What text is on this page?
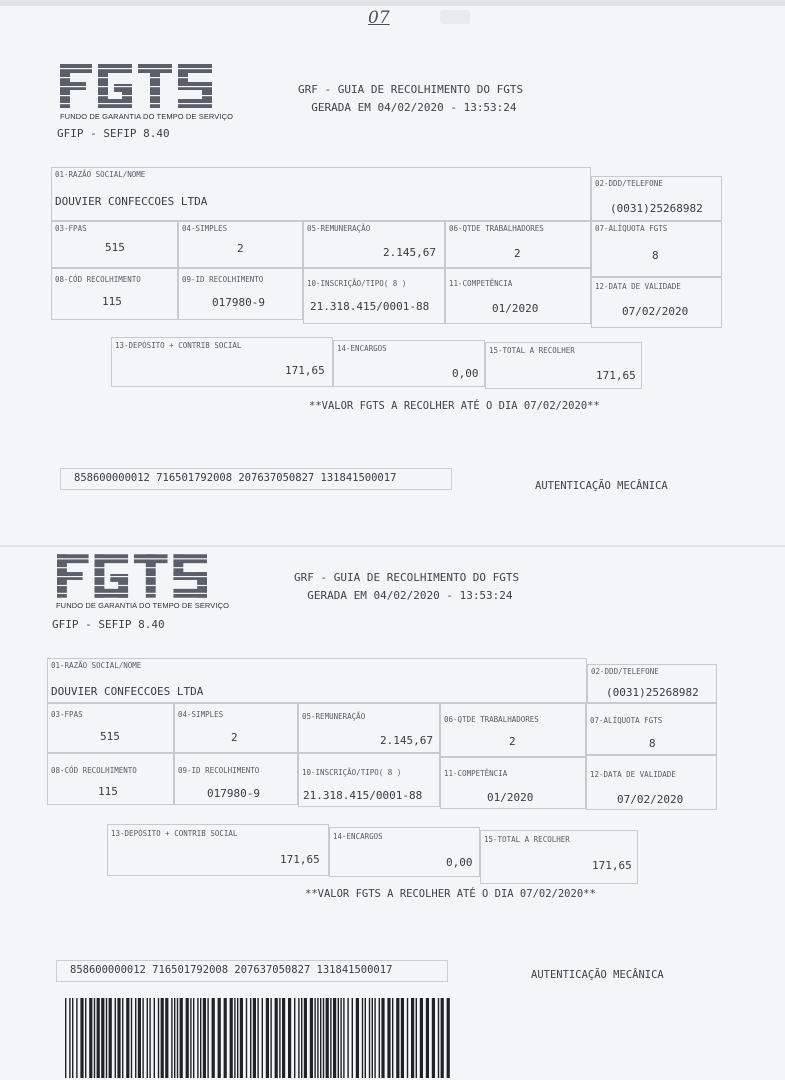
07
FUNDO DE GARANTIA DO TEMPO DE SERVIÇO
GFIP - SEFIP 8.40
GRF - GUIA DE RECOLHIMENTO DO FGTS
GERADA EM 04/02/2020 - 13:53:24
01-RAZÃO SOCIAL/NOME
DOUVIER CONFECCOES LTDA
02-DDD/TELEFONE
(0031)25268982
03-FPAS
515
04-SIMPLES
2
05-REMUNERAÇÃO
2.145,67
06-QTDE TRABALHADORES
2
07-ALÍQUOTA FGTS
8
08-CÓD RECOLHIMENTO
115
09-ID RECOLHIMENTO
017980-9
10-INSCRIÇÃO/TIPO( 8 )
21.318.415/0001-88
11-COMPETÊNCIA
01/2020
12-DATA DE VALIDADE
07/02/2020
13-DEPÓSITO + CONTRIB SOCIAL
171,65
14-ENCARGOS
0,00
15-TOTAL A RECOLHER
171,65
**VALOR FGTS A RECOLHER ATÉ O DIA 07/02/2020**
858600000012 716501792008 207637050827 131841500017
AUTENTICAÇÃO MECÂNICA
FUNDO DE GARANTIA DO TEMPO DE SERVIÇO
GFIP - SEFIP 8.40
GRF - GUIA DE RECOLHIMENTO DO FGTS
GERADA EM 04/02/2020 - 13:53:24
01-RAZÃO SOCIAL/NOME
DOUVIER CONFECCOES LTDA
02-DDD/TELEFONE
(0031)25268982
03-FPAS
515
04-SIMPLES
2
05-REMUNERAÇÃO
2.145,67
06-QTDE TRABALHADORES
2
07-ALÍQUOTA FGTS
8
08-CÓD RECOLHIMENTO
115
09-ID RECOLHIMENTO
017980-9
10-INSCRIÇÃO/TIPO( 8 )
21.318.415/0001-88
11-COMPETÊNCIA
01/2020
12-DATA DE VALIDADE
07/02/2020
13-DEPÓSITO + CONTRIB SOCIAL
171,65
14-ENCARGOS
0,00
15-TOTAL A RECOLHER
171,65
**VALOR FGTS A RECOLHER ATÉ O DIA 07/02/2020**
858600000012 716501792008 207637050827 131841500017	AUTENTICAÇÃO MECÂNICA
